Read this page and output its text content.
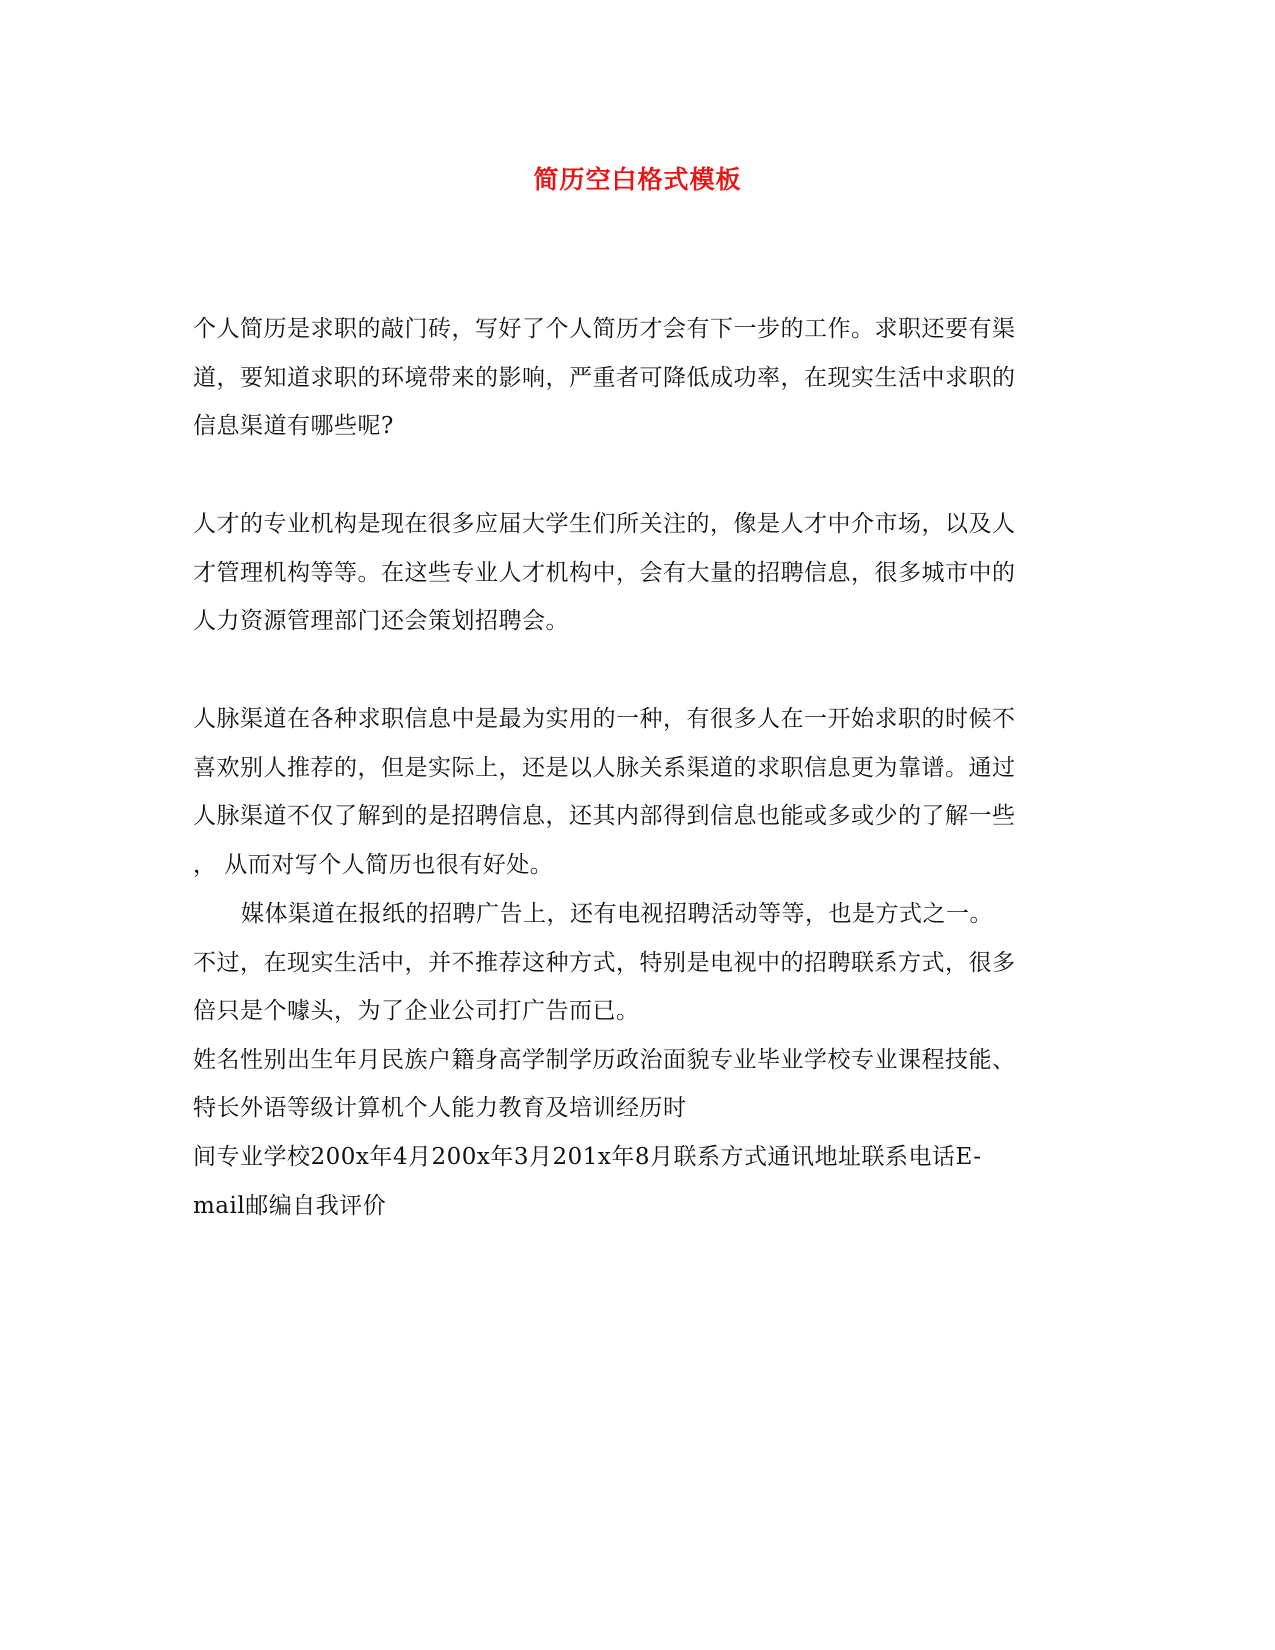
简历空白格式模板
个人简历是求职的敲门砖，写好了个人简历才会有下一步的工作。求职还要有渠
道，要知道求职的环境带来的影响，严重者可降低成功率，在现实生活中求职的
信息渠道有哪些呢?
人才的专业机构是现在很多应届大学生们所关注的，像是人才中介市场，以及人
才管理机构等等。在这些专业人才机构中，会有大量的招聘信息，很多城市中的
人力资源管理部门还会策划招聘会。
人脉渠道在各种求职信息中是最为实用的一种，有很多人在一开始求职的时候不
喜欢别人推荐的，但是实际上，还是以人脉关系渠道的求职信息更为靠谱。通过
人脉渠道不仅了解到的是招聘信息，还其内部得到信息也能或多或少的了解一些
， 从而对写个人简历也很有好处。
媒体渠道在报纸的招聘广告上，还有电视招聘活动等等，也是方式之一。
不过，在现实生活中，并不推荐这种方式，特别是电视中的招聘联系方式，很多
倍只是个噱头，为了企业公司打广告而已。
姓名性别出生年月民族户籍身高学制学历政治面貌专业毕业学校专业课程技能、
特长外语等级计算机个人能力教育及培训经历时
间专业学校200x年4月200x年3月201x年8月联系方式通讯地址联系电话E-
mail邮编自我评价
